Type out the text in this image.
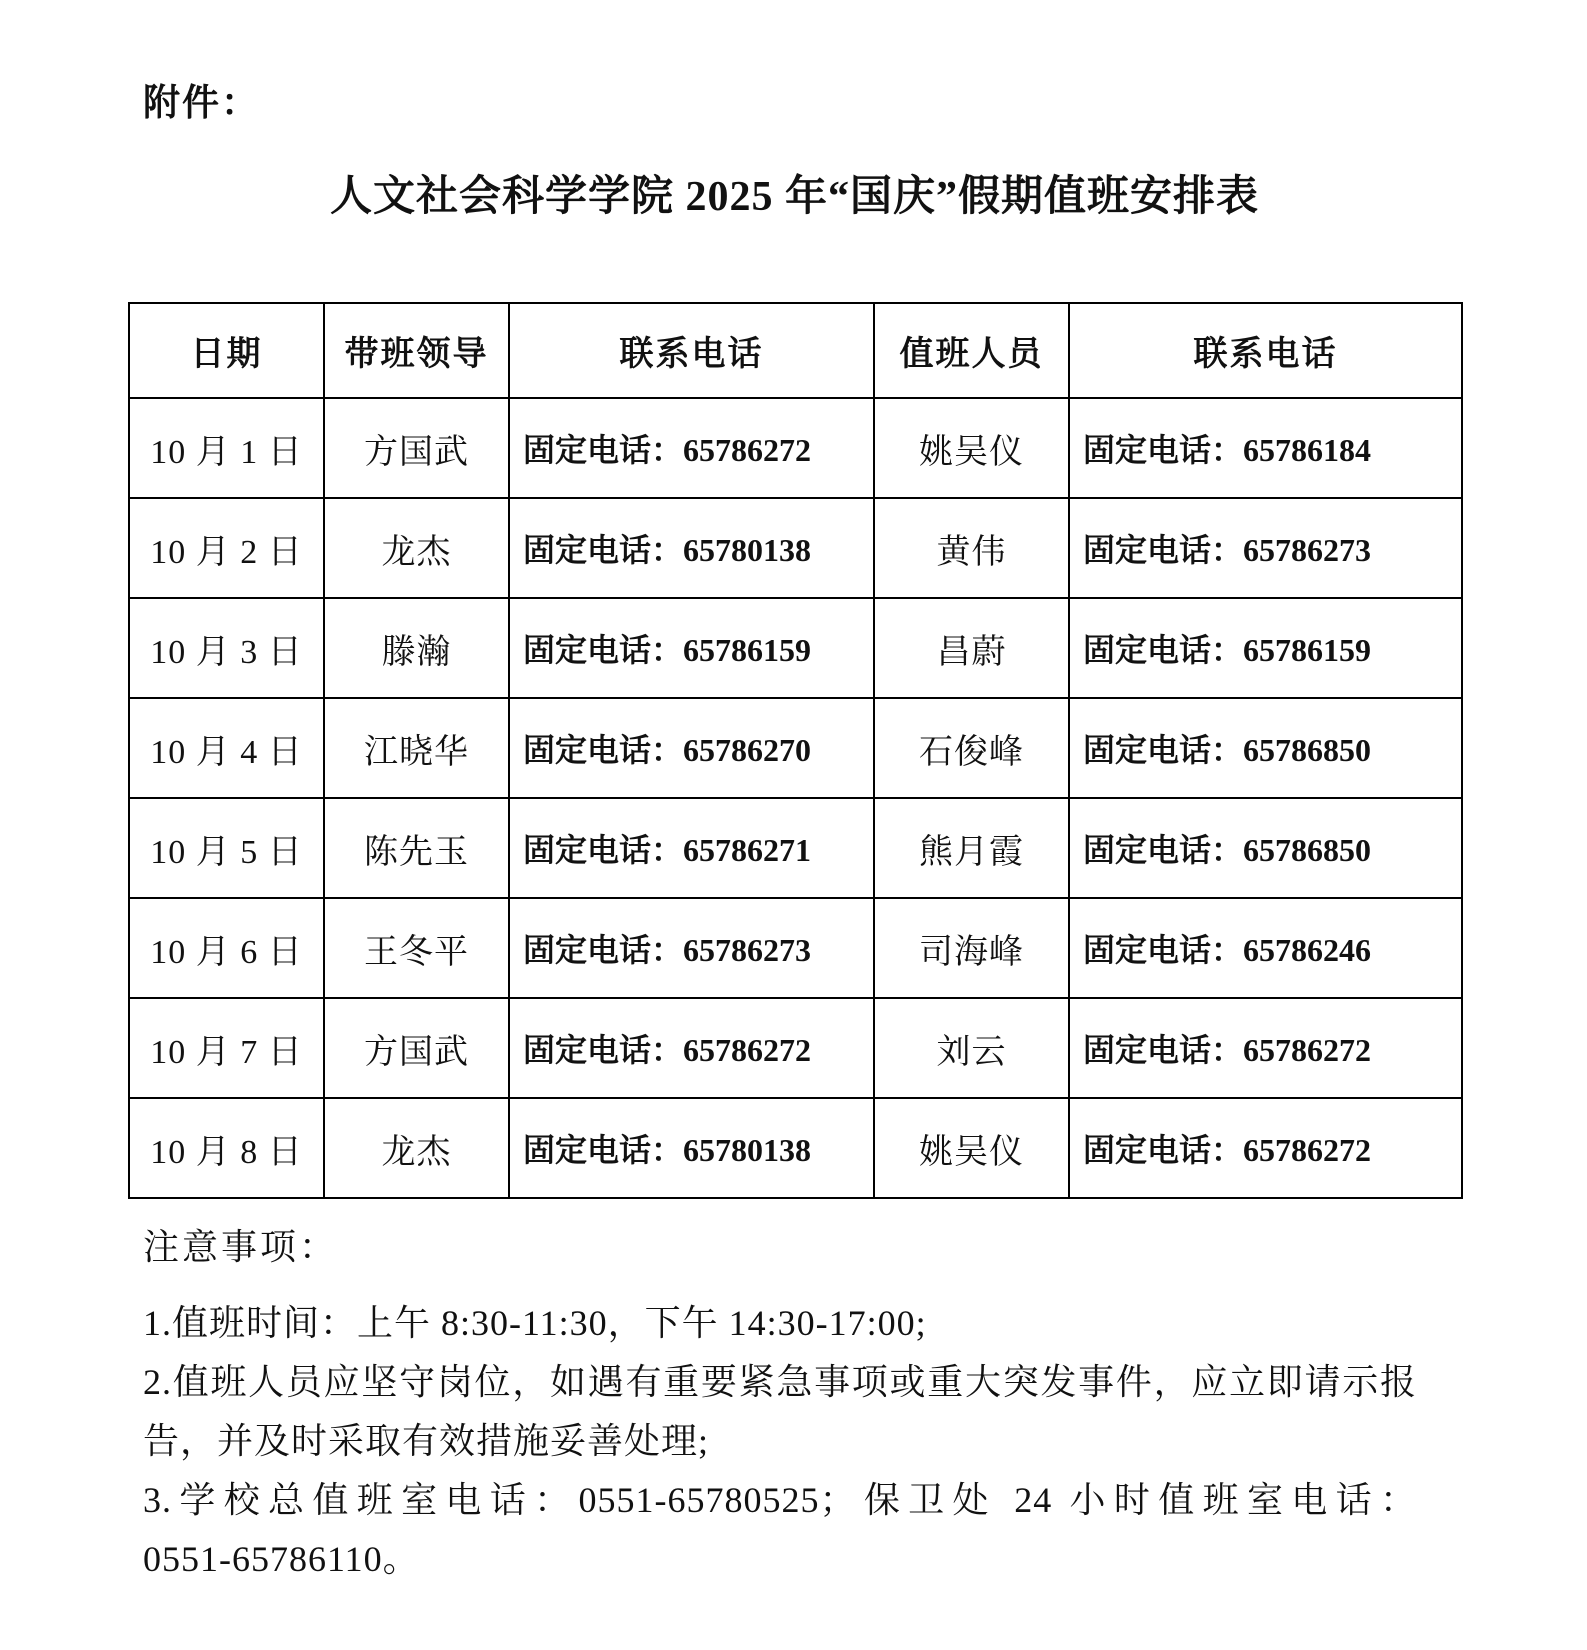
附件：
人文社会科学学院 2025 年“国庆”假期值班安排表
日期	带班领导	联系电话	值班人员	联系电话
10 月 1 日	方国武	固定电话：65786272	姚吴仪	固定电话：65786184
10 月 2 日	龙杰	固定电话：65780138	黄伟	固定电话：65786273
10 月 3 日	滕瀚	固定电话：65786159	昌蔚	固定电话：65786159
10 月 4 日	江晓华	固定电话：65786270	石俊峰	固定电话：65786850
10 月 5 日	陈先玉	固定电话：65786271	熊月霞	固定电话：65786850
10 月 6 日	王冬平	固定电话：65786273	司海峰	固定电话：65786246
10 月 7 日	方国武	固定电话：65786272	刘云	固定电话：65786272
10 月 8 日	龙杰	固定电话：65780138	姚吴仪	固定电话：65786272
注意事项：
1.值班时间：上午 8:30-11:30，下午 14:30-17:00;
2.值班人员应坚守岗位，如遇有重要紧急事项或重大突发事件，应立即请示报
告，并及时采取有效措施妥善处理;
3.学校总值班室电话：0551-65780525；保卫处 24 小时值班室电话：
0551-65786110。
